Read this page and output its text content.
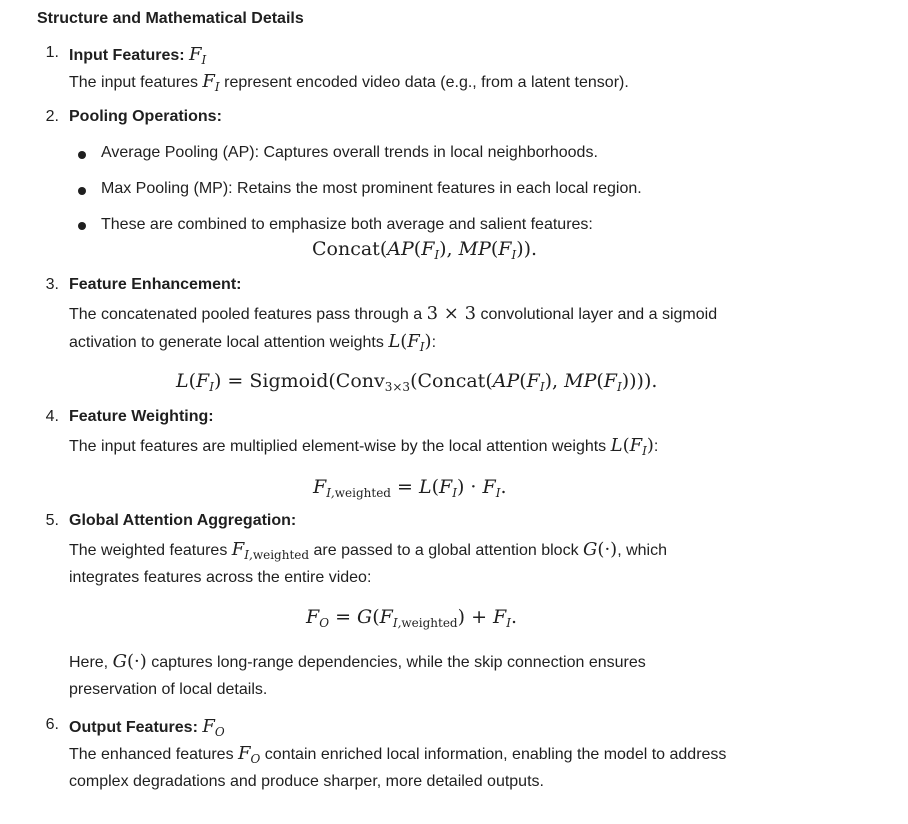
Structure and Mathematical Details
1. Input Features: $F_I$
The input features $F_I$ represent encoded video data (e.g., from a latent tensor).
2. Pooling Operations:
Average Pooling (AP): Captures overall trends in local neighborhoods.
Max Pooling (MP): Retains the most prominent features in each local region.
These are combined to emphasize both average and salient features:
$Concat(AP(F_I)$, $MP(F_I)$).
3. Feature Enhancement:
The concatenated pooled features pass through a 3 × 3 convolutional layer and a sigmoid
activation to generate local attention weights $L(F_I)$:
$L(F_I)$ = $Sigmoid(Conv_{3\times 3}(Concat(AP(F_I)$, $MP(F_I)$))).
4. Feature Weighting:
The input features are multiplied element-wise by the local attention weights $L(F_I)$:
$F_{I,weighted} = L(F_I) \cdot F_I$.
5. Global Attention Aggregation:
The weighted features $F_{I,weighted}$ are passed to a global attention block G(·), which
integrates features across the entire video:
$F_O = G(F_{I,weighted}) + F_I$.
Here, G(·) captures long-range dependencies, while the skip connection ensures
preservation of local details.
6. Output Features: $F_O$
The enhanced features $F_O$ contain enriched local information, enabling the model to address
complex degradations and produce sharper, more detailed outputs.
